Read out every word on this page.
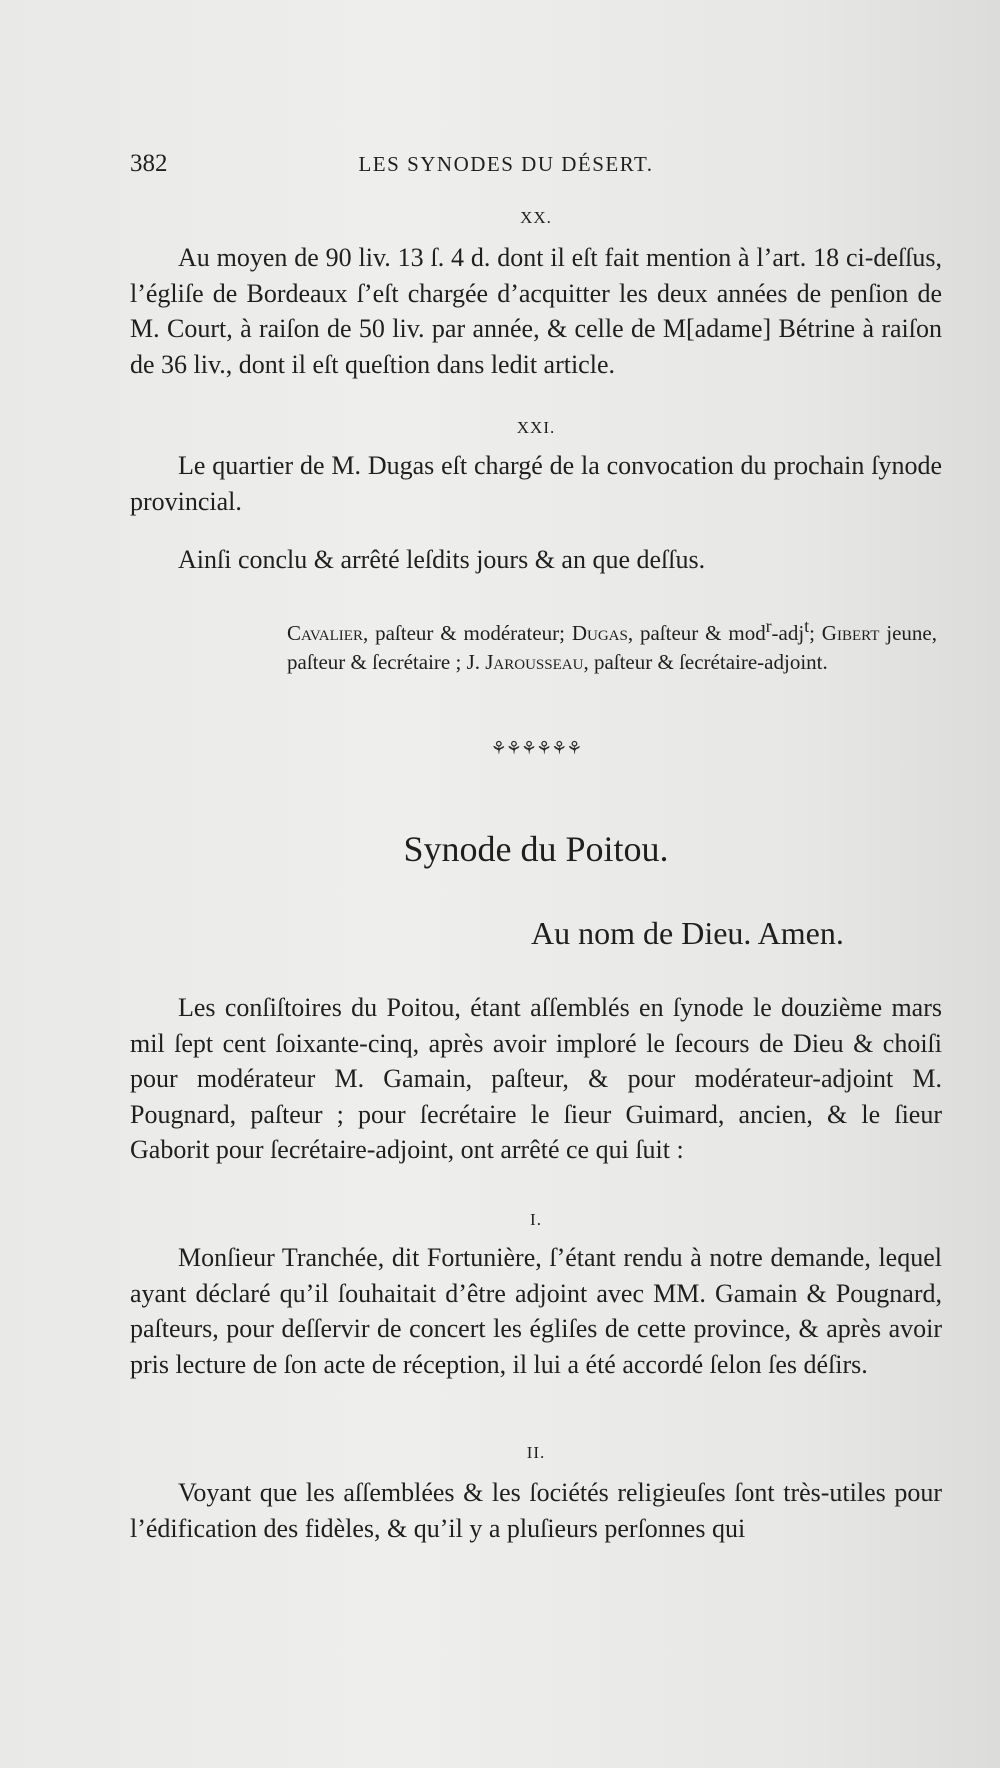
382	LES SYNODES DU DÉSERT.
XX.

Au moyen de 90 liv. 13 ſ. 4 d. dont il eſt fait mention à l’art. 18 ci-deſſus, l’égliſe de Bordeaux ſ’eſt chargée d’acquitter les deux années de penſion de M. Court, à raiſon de 50 liv. par année, & celle de M[adame] Bétrine à raiſon de 36 liv., dont il eſt queſtion dans ledit article.

XXI.

Le quartier de M. Dugas eſt chargé de la convocation du prochain ſynode provincial.

Ainſi conclu & arrêté leſdits jours & an que deſſus.

Cavalier, paſteur & modérateur; Dugas, paſteur & mod$^r$-adj$^t$; Gibert jeune, paſteur & ſecrétaire ; J. Jarousseau, paſteur & ſecrétaire-adjoint.
⚘⚘⚘⚘⚘⚘
Synode du Poitou.
Au nom de Dieu. Amen.

Les conſiſtoires du Poitou, étant aſſemblés en ſynode le douzième mars mil ſept cent ſoixante-cinq, après avoir imploré le ſecours de Dieu & choiſi pour modérateur M. Gamain, paſteur, & pour modérateur-adjoint M. Pougnard, paſteur ; pour ſecrétaire le ſieur Guimard, ancien, & le ſieur Gaborit pour ſecrétaire-adjoint, ont arrêté ce qui ſuit :

I.

Monſieur Tranchée, dit Fortunière, ſ’étant rendu à notre demande, lequel ayant déclaré qu’il ſouhaitait d’être adjoint avec MM. Gamain & Pougnard, paſteurs, pour deſſervir de concert les égliſes de cette province, & après avoir pris lecture de ſon acte de réception, il lui a été accordé ſelon ſes déſirs.

II.

Voyant que les aſſemblées & les ſociétés religieuſes ſont très-utiles pour l’édification des fidèles, & qu’il y a pluſieurs perſonnes qui
